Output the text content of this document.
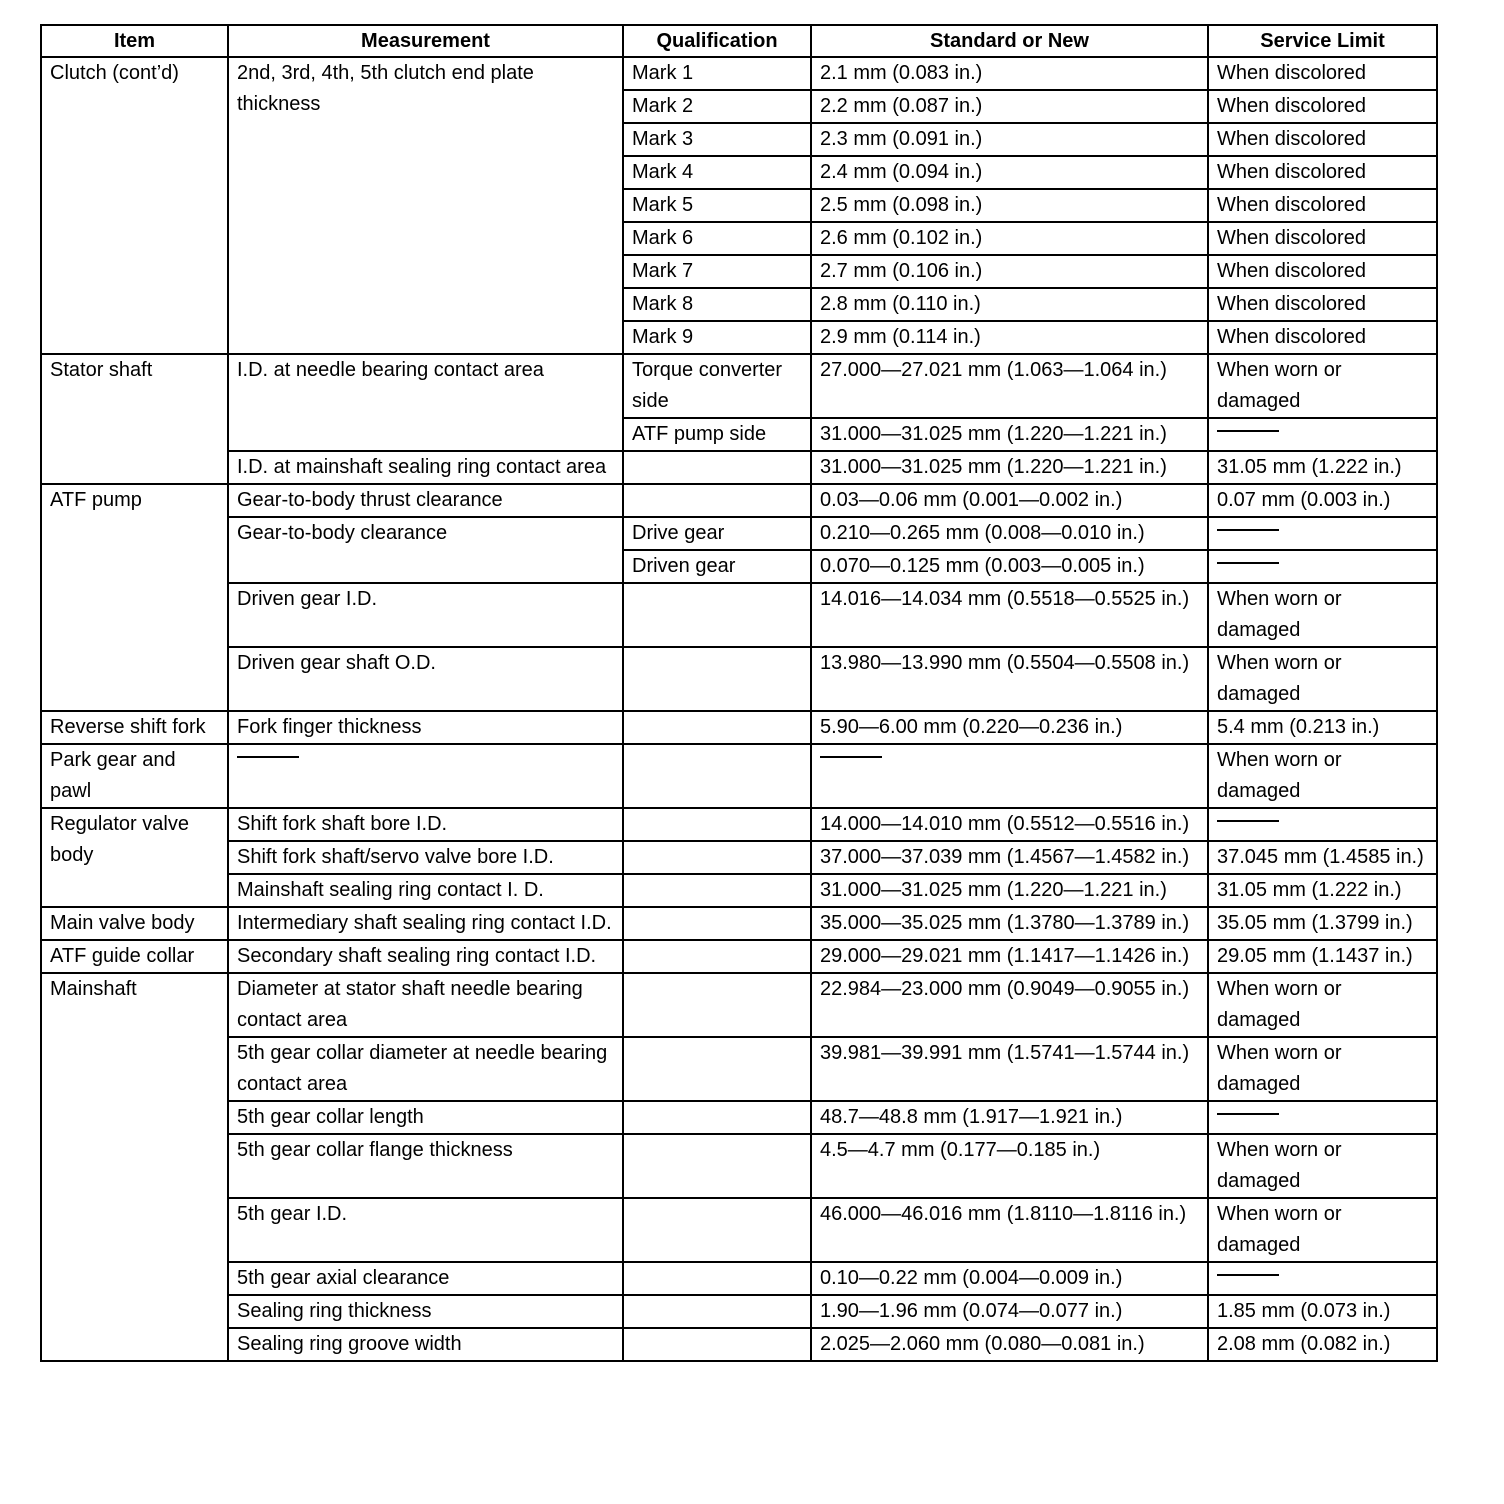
Item	Measurement	Qualification	Standard or New	Service Limit
Clutch (cont’d)	2nd, 3rd, 4th, 5th clutch end plate thickness	Mark 1	2.1 mm (0.083 in.)	When discolored
		Mark 2	2.2 mm (0.087 in.)	When discolored
		Mark 3	2.3 mm (0.091 in.)	When discolored
		Mark 4	2.4 mm (0.094 in.)	When discolored
		Mark 5	2.5 mm (0.098 in.)	When discolored
		Mark 6	2.6 mm (0.102 in.)	When discolored
		Mark 7	2.7 mm (0.106 in.)	When discolored
		Mark 8	2.8 mm (0.110 in.)	When discolored
		Mark 9	2.9 mm (0.114 in.)	When discolored
Stator shaft	I.D. at needle bearing contact area	Torque converter side	27.000—27.021 mm (1.063—1.064 in.)	When worn or damaged
		ATF pump side	31.000—31.025 mm (1.220—1.221 in.)	
	I.D. at mainshaft sealing ring contact area		31.000—31.025 mm (1.220—1.221 in.)	31.05 mm (1.222 in.)
ATF pump	Gear-to-body thrust clearance		0.03—0.06 mm (0.001—0.002 in.)	0.07 mm (0.003 in.)
	Gear-to-body clearance	Drive gear	0.210—0.265 mm (0.008—0.010 in.)	
		Driven gear	0.070—0.125 mm (0.003—0.005 in.)	
	Driven gear I.D.		14.016—14.034 mm (0.5518—0.5525 in.)	When worn or damaged
	Driven gear shaft O.D.		13.980—13.990 mm (0.5504—0.5508 in.)	When worn or damaged
Reverse shift fork	Fork finger thickness		5.90—6.00 mm (0.220—0.236 in.)	5.4 mm (0.213 in.)
Park gear and pawl				When worn or damaged
Regulator valve body	Shift fork shaft bore I.D.		14.000—14.010 mm (0.5512—0.5516 in.)	
	Shift fork shaft/servo valve bore I.D.		37.000—37.039 mm (1.4567—1.4582 in.)	37.045 mm (1.4585 in.)
	Mainshaft sealing ring contact I. D.		31.000—31.025 mm (1.220—1.221 in.)	31.05 mm (1.222 in.)
Main valve body	Intermediary shaft sealing ring contact I.D.		35.000—35.025 mm (1.3780—1.3789 in.)	35.05 mm (1.3799 in.)
ATF guide collar	Secondary shaft sealing ring contact I.D.		29.000—29.021 mm (1.1417—1.1426 in.)	29.05 mm (1.1437 in.)
Mainshaft	Diameter at stator shaft needle bearing contact area		22.984—23.000 mm (0.9049—0.9055 in.)	When worn or damaged
	5th gear collar diameter at needle bearing contact area		39.981—39.991 mm (1.5741—1.5744 in.)	When worn or damaged
	5th gear collar length		48.7—48.8 mm (1.917—1.921 in.)	
	5th gear collar flange thickness		4.5—4.7 mm (0.177—0.185 in.)	When worn or damaged
	5th gear I.D.		46.000—46.016 mm (1.8110—1.8116 in.)	When worn or damaged
	5th gear axial clearance		0.10—0.22 mm (0.004—0.009 in.)	
	Sealing ring thickness		1.90—1.96 mm (0.074—0.077 in.)	1.85 mm (0.073 in.)
	Sealing ring groove width		2.025—2.060 mm (0.080—0.081 in.)	2.08 mm (0.082 in.)
